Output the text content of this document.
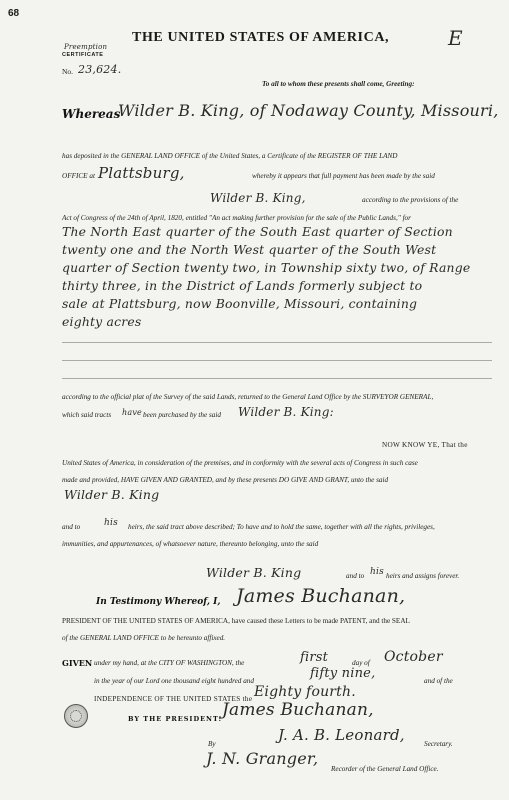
68
THE UNITED STATES OF AMERICA,	E
Preemption
CERTIFICATE
No. 23,624.
To all to whom these presents shall come, Greeting:
Whereas
Wilder B. King, of Nodaway County, Missouri,
has deposited in the GENERAL LAND OFFICE of the United States, a Certificate of the REGISTER OF THE LAND
OFFICE at Plattsburg,	whereby it appears that full payment has been made by the said
Wilder B. King,	according to the provisions of the
Act of Congress of the 24th of April, 1820, entitled "An act making further provision for the sale of the Public Lands," for
The North East quarter of the South East quarter of Section
twenty one and the North West quarter of the South West
quarter of Section twenty two, in Township sixty two, of Range
thirty three, in the District of Lands formerly subject to
sale at Plattsburg, now Boonville, Missouri, containing
eighty acres
according to the official plat of the Survey of the said Lands, returned to the General Land Office by the SURVEYOR GENERAL,
which said tracts have been purchased by the said Wilder B. King:
NOW KNOW YE, That the
United States of America, in consideration of the premises, and in conformity with the several acts of Congress in such case
made and provided, HAVE GIVEN AND GRANTED, and by these presents DO GIVE AND GRANT, unto the said
Wilder B. King
and to	his heirs, the said tract above described; To have and to hold the same, together with all the rights, privileges,
immunities, and appurtenances, of whatsoever nature, thereunto belonging, unto the said
Wilder B. King	and to his heirs and assigns forever.
In Testimony Whereof, I, James Buchanan,
PRESIDENT OF THE UNITED STATES OF AMERICA, have caused these Letters to be made PATENT, and the SEAL
of the GENERAL LAND OFFICE to be hereunto affixed.
GIVEN under my hand, at the CITY OF WASHINGTON, the	first	day of October
in the year of our Lord one thousand eight hundred and	fifty nine,	and of the
INDEPENDENCE OF THE UNITED STATES the Eighty fourth.
BY THE PRESIDENT: James Buchanan,
By	J. A. B. Leonard,	Secretary.
J. N. Granger,
Recorder of the General Land Office.
